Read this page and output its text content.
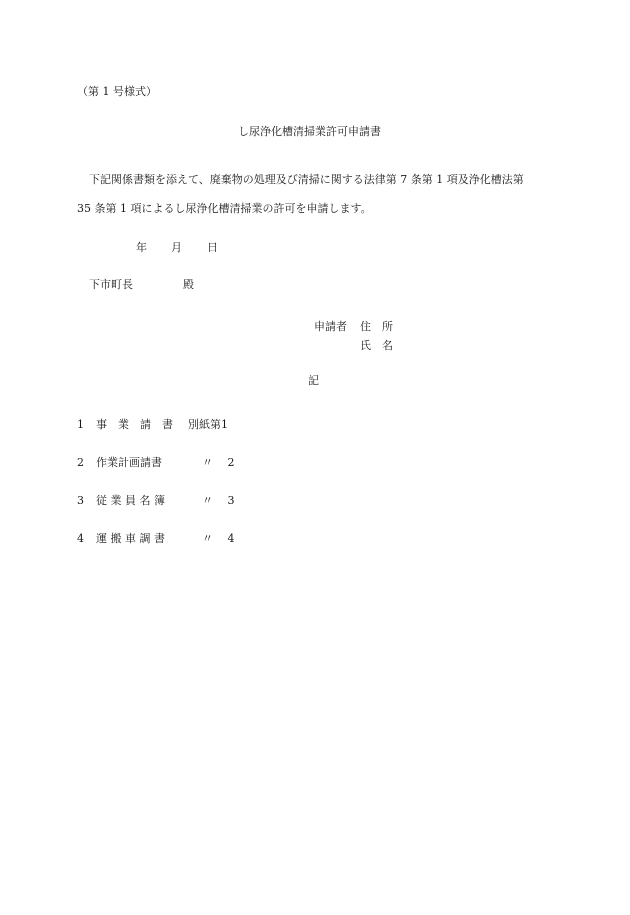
（第 1 号様式）
し尿浄化槽清掃業許可申請書
下記関係書類を添えて、廃棄物の処理及び清掃に関する法律第 7 条第 1 項及浄化槽法第
35 条第 1 項によるし尿浄化槽清掃業の許可を申請します。
年 月 日
下市町長	殿
申請者 住　所
氏　名
記
1 事　業　請　書 別紙第1
2 作業計画請書	〃　 2
3 従 業 員 名 簿	〃　 3
4 運 搬 車 調 書	〃　 4
